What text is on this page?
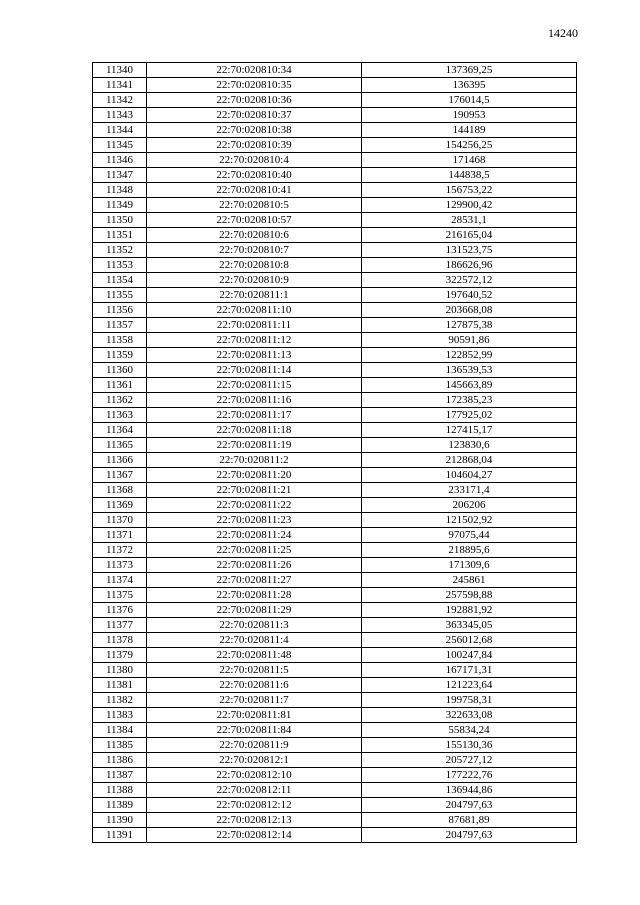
14240
11340	22:70:020810:34	137369,25
11341	22:70:020810:35	136395
11342	22:70:020810:36	176014,5
11343	22:70:020810:37	190953
11344	22:70:020810:38	144189
11345	22:70:020810:39	154256,25
11346	22:70:020810:4	171468
11347	22:70:020810:40	144838,5
11348	22:70:020810:41	156753,22
11349	22:70:020810:5	129900,42
11350	22:70:020810:57	28531,1
11351	22:70:020810:6	216165,04
11352	22:70:020810:7	131523,75
11353	22:70:020810:8	186626,96
11354	22:70:020810:9	322572,12
11355	22:70:020811:1	197640,52
11356	22:70:020811:10	203668,08
11357	22:70:020811:11	127875,38
11358	22:70:020811:12	90591,86
11359	22:70:020811:13	122852,99
11360	22:70:020811:14	136539,53
11361	22:70:020811:15	145663,89
11362	22:70:020811:16	172385,23
11363	22:70:020811:17	177925,02
11364	22:70:020811:18	127415,17
11365	22:70:020811:19	123830,6
11366	22:70:020811:2	212868,04
11367	22:70:020811:20	104604,27
11368	22:70:020811:21	233171,4
11369	22:70:020811:22	206206
11370	22:70:020811:23	121502,92
11371	22:70:020811:24	97075,44
11372	22:70:020811:25	218895,6
11373	22:70:020811:26	171309,6
11374	22:70:020811:27	245861
11375	22:70:020811:28	257598,88
11376	22:70:020811:29	192881,92
11377	22:70:020811:3	363345,05
11378	22:70:020811:4	256012,68
11379	22:70:020811:48	100247,84
11380	22:70:020811:5	167171,31
11381	22:70:020811:6	121223,64
11382	22:70:020811:7	199758,31
11383	22:70:020811:81	322633,08
11384	22:70:020811:84	55834,24
11385	22:70:020811:9	155130,36
11386	22:70:020812:1	205727,12
11387	22:70:020812:10	177222,76
11388	22:70:020812:11	136944,86
11389	22:70:020812:12	204797,63
11390	22:70:020812:13	87681,89
11391	22:70:020812:14	204797,63
